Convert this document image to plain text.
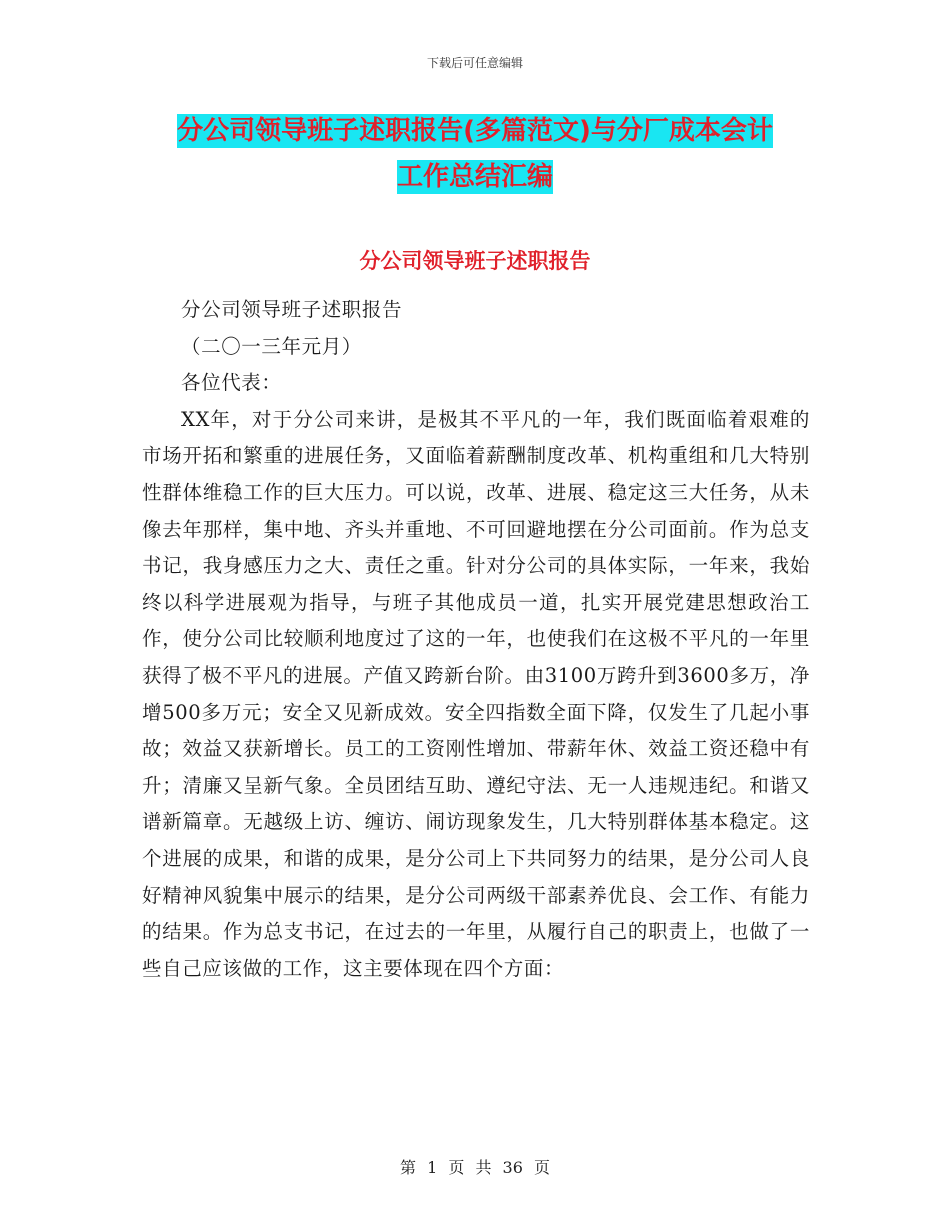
下载后可任意编辑
分公司领导班子述职报告(多篇范文)与分厂成本会计
工作总结汇编
分公司领导班子述职报告

分公司领导班子述职报告

（二〇一三年元月）

各位代表：

XX年，对于分公司来讲，是极其不平凡的一年，我们既面临着艰难的市场开拓和繁重的进展任务，又面临着薪酬制度改革、机构重组和几大特别性群体维稳工作的巨大压力。可以说，改革、进展、稳定这三大任务，从未像去年那样，集中地、齐头并重地、不可回避地摆在分公司面前。作为总支书记，我身感压力之大、责任之重。针对分公司的具体实际，一年来，我始终以科学进展观为指导，与班子其他成员一道，扎实开展党建思想政治工作，使分公司比较顺利地度过了这的一年，也使我们在这极不平凡的一年里获得了极不平凡的进展。产值又跨新台阶。由3100万跨升到3600多万，净增500多万元；安全又见新成效。安全四指数全面下降，仅发生了几起小事故；效益又获新增长。员工的工资刚性增加、带薪年休、效益工资还稳中有升；清廉又呈新气象。全员团结互助、遵纪守法、无一人违规违纪。和谐又谱新篇章。无越级上访、缠访、闹访现象发生，几大特别群体基本稳定。这个进展的成果，和谐的成果，是分公司上下共同努力的结果，是分公司人良好精神风貌集中展示的结果，是分公司两级干部素养优良、会工作、有能力的结果。作为总支书记，在过去的一年里，从履行自己的职责上，也做了一些自己应该做的工作，这主要体现在四个方面：

第 1 页 共 36 页
